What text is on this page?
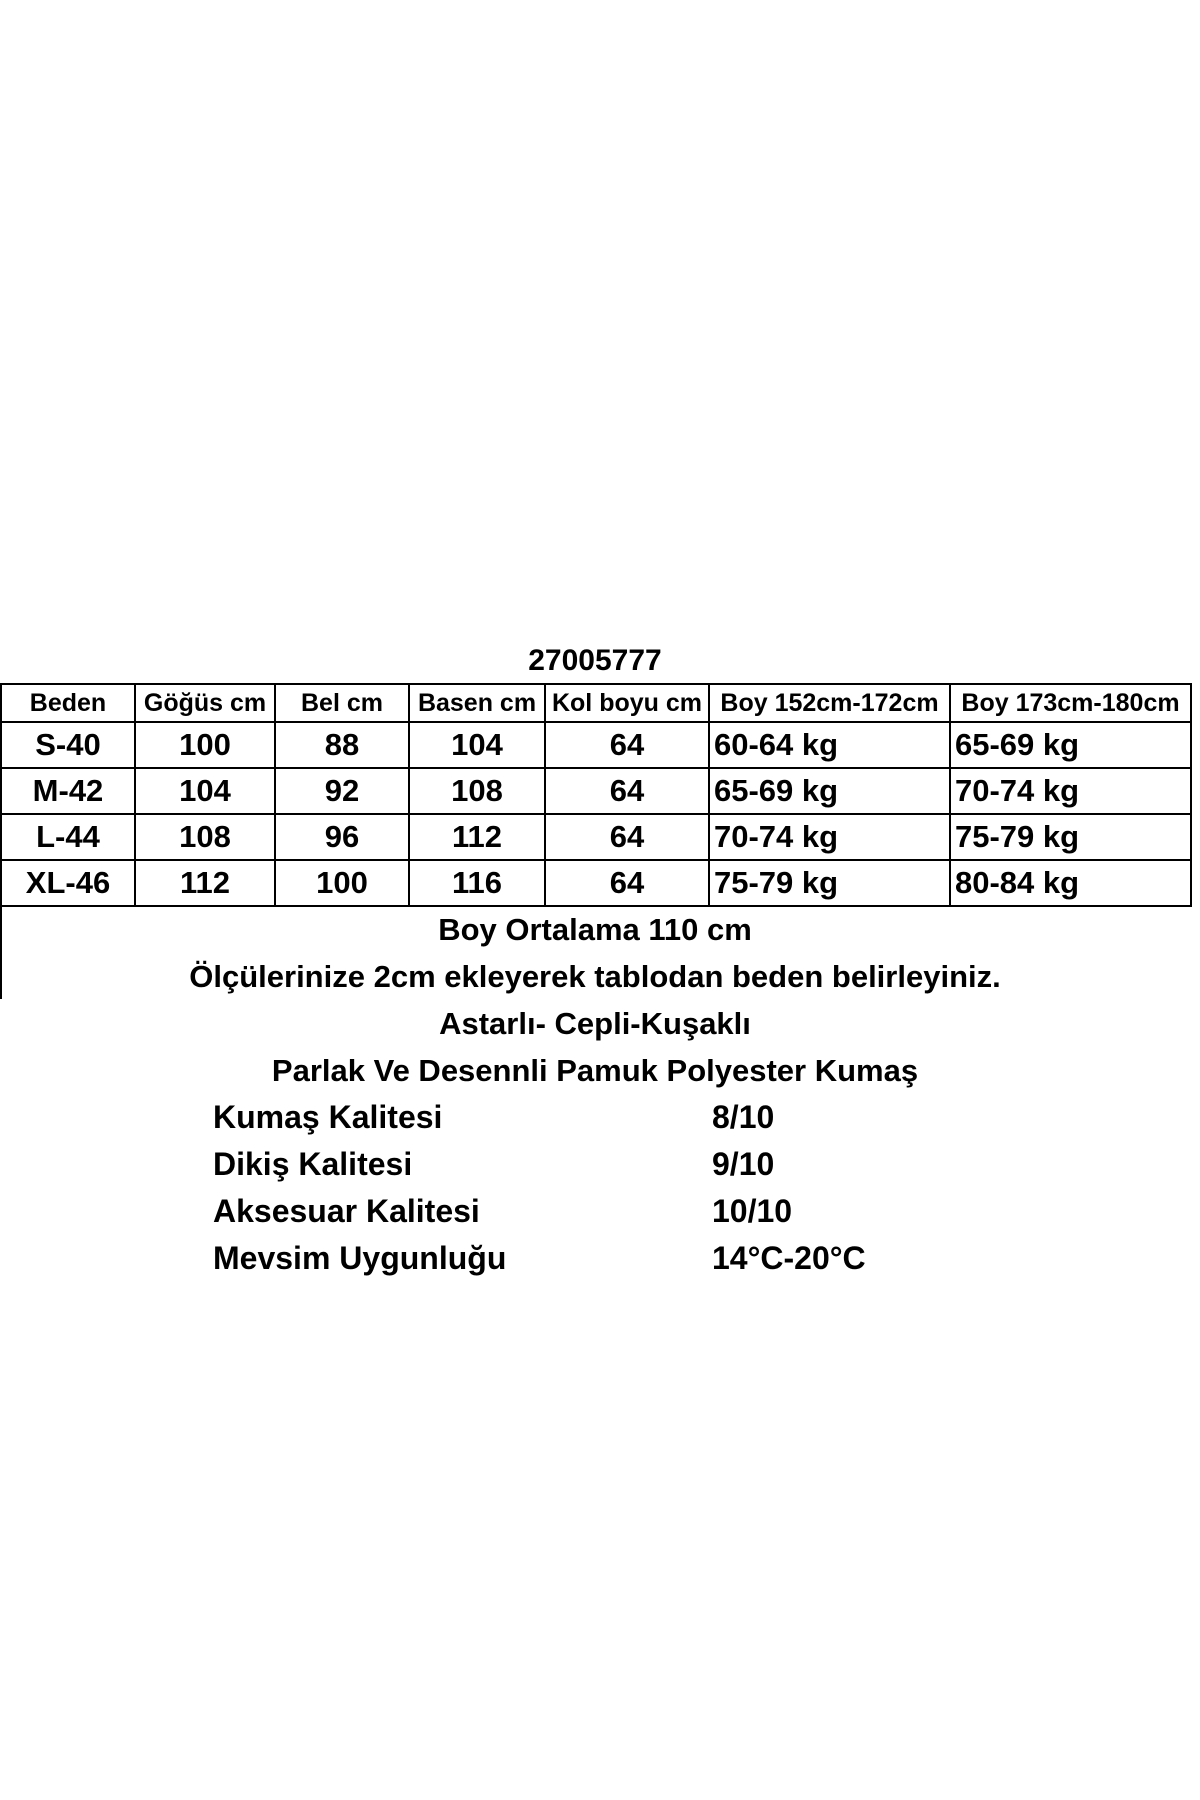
27005777
Beden	Göğüs cm	Bel cm	Basen cm	Kol boyu cm	Boy 152cm-172cm	Boy 173cm-180cm
S-40	100	88	104	64	60-64 kg	65-69 kg
M-42	104	92	108	64	65-69 kg	70-74 kg
L-44	108	96	112	64	70-74 kg	75-79 kg
XL-46	112	100	116	64	75-79 kg	80-84 kg
Boy Ortalama 110 cm
Ölçülerinize 2cm ekleyerek tablodan beden belirleyiniz.
Astarlı- Cepli-Kuşaklı
Parlak Ve Desennli Pamuk Polyester Kumaş
Kumaş Kalitesi	8/10
Dikiş Kalitesi	9/10
Aksesuar Kalitesi	10/10
Mevsim Uygunluğu	14°C-20°C
